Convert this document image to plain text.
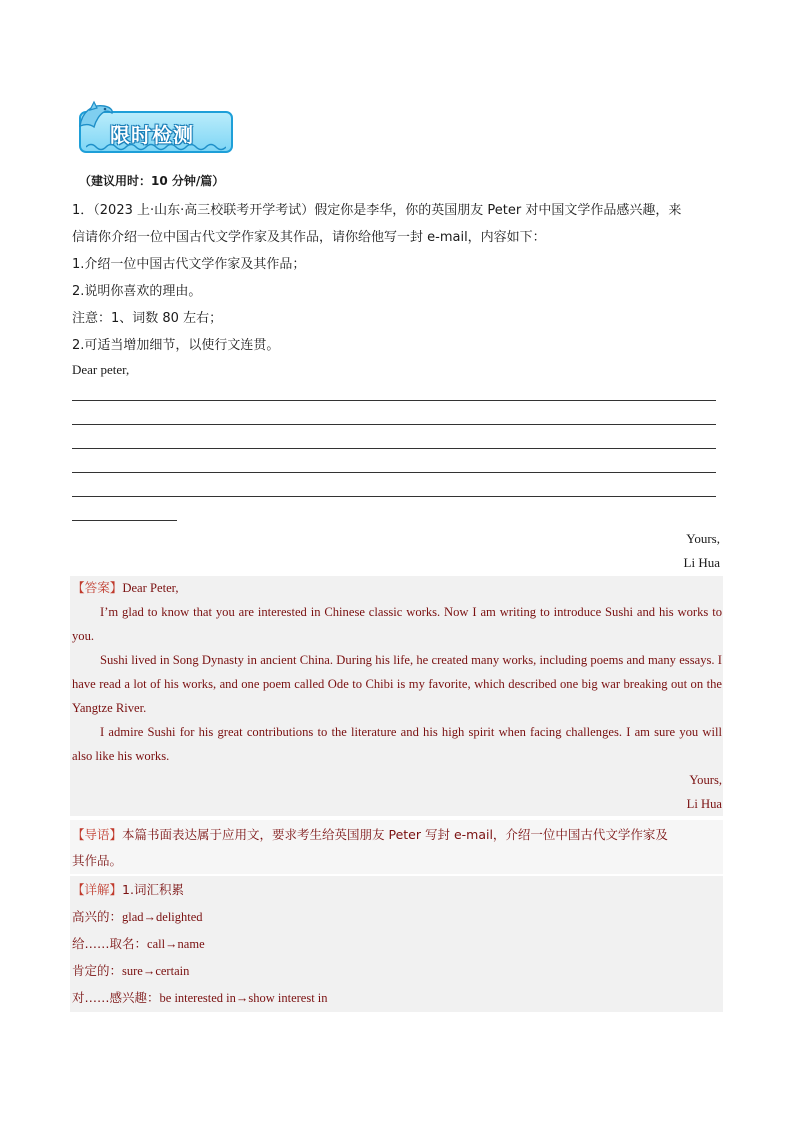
限时检测
（建议用时：10 分钟/篇）
1．（2023 上·山东·高三校联考开学考试）假定你是李华，你的英国朋友 Peter 对中国文学作品感兴趣，来
信请你介绍一位中国古代文学作家及其作品，请你给他写一封 e-mail，内容如下：
1.介绍一位中国古代文学作家及其作品；
2.说明你喜欢的理由。
注意：1、词数 80 左右；
2.可适当增加细节，以使行文连贯。
Dear peter,
Yours,
Li Hua

【答案】Dear Peter,

I’m glad to know that you are interested in Chinese classic works. Now I am writing to introduce Sushi and his works to you.

Sushi lived in Song Dynasty in ancient China. During his life, he created many works, including poems and many essays. I have read a lot of his works, and one poem called Ode to Chibi is my favorite, which described one big war breaking out on the Yangtze River.

I admire Sushi for his great contributions to the literature and his high spirit when facing challenges. I am sure you will also like his works.

Yours,

Li Hua

【导语】本篇书面表达属于应用文，要求考生给英国朋友 Peter 写封 e-mail，介绍一位中国古代文学作家及
其作品。
【详解】1.词汇积累
高兴的：glad→delighted
给……取名：call→name
肯定的：sure→certain
对……感兴趣：be interested in→show interest in
